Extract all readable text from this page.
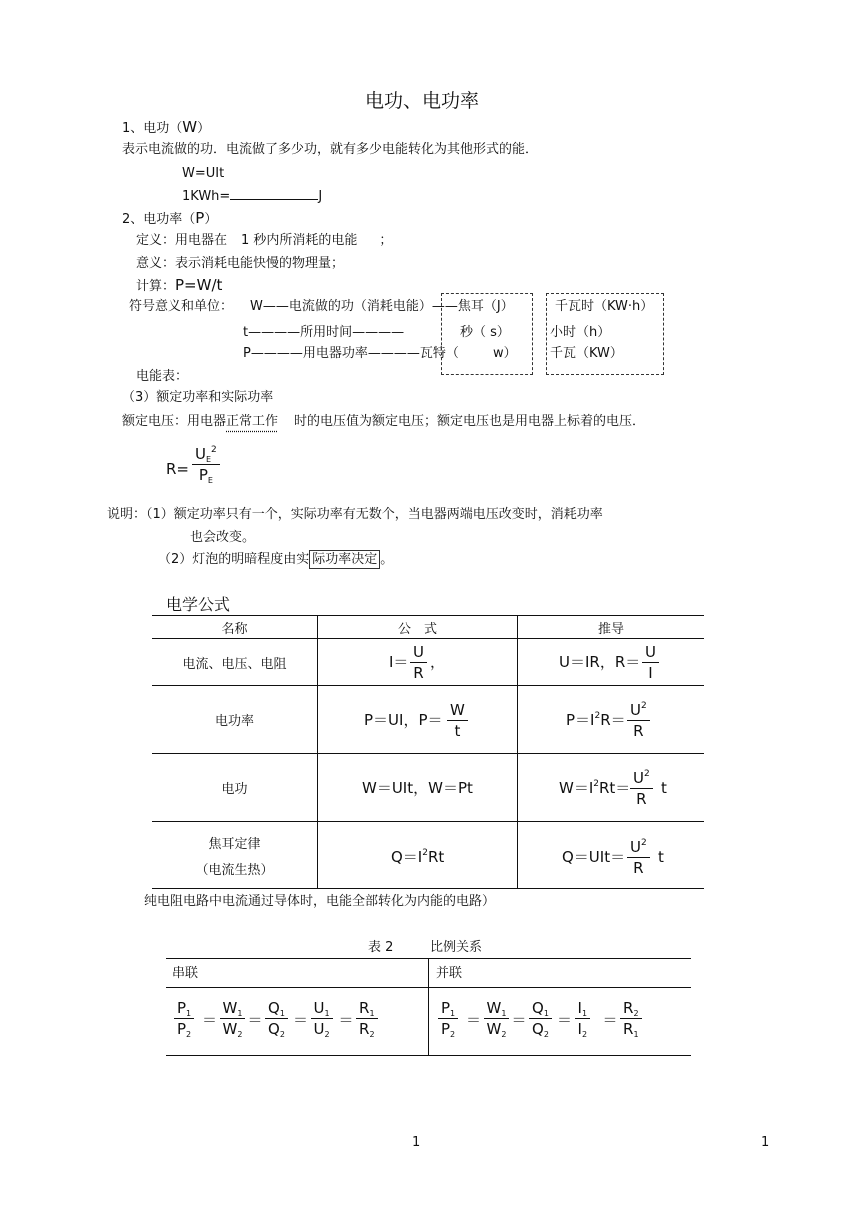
电功、电功率
1、电功（W）
表示电流做的功．电流做了多少功，就有多少电能转化为其他形式的能．
W=UIt
1KWh=	J
2、电功率（P）
定义：用电器在 1 秒内所消耗的电能 ；
意义：表示消耗电能快慢的物理量；
计算：P=W/t
符号意义和单位： W——电流做的功（消耗电能）——焦耳（J）	千瓦时（KW·h）
t————所用时间————	秒（ s）	小时（h）
P————用电器功率————瓦特（	w）	千瓦（KW）
电能表：
（3）额定功率和实际功率
额定电压：用电器正常工作 时的电压值为额定电压；额定电压也是用电器上标着的电压．
$R= \frac{U_E^2}{P_E}$
说明：（1）额定功率只有一个，实际功率有无数个，当电器两端电压改变时，消耗功率
也会改变。
（2）灯泡的明暗程度由实 际功率决定 。
电学公式
名称	公　式	推导
电流、电压、电阻	$I= \frac{U}{R}$ ，	U＝IR，$R= \frac{U}{I}$
电功率	P＝UI，$P= \frac{W}{t}$	$P=I^2R= \frac{U^2}{R}$
电功	W＝UIt，W＝Pt	$W=I^2Rt= \frac{U^2}{R}$ t
焦耳定律
（电流生热）
$Q=I^2Rt$	$Q=UIt= \frac{U^2}{R}$ t
纯电阻电路中电流通过导体时，电能全部转化为内能的电路）
表 2	比例关系
串联	并联
$\frac{P_1}{P_2} = \frac{W_1}{W_2} = \frac{Q_1}{Q_2} = \frac{U_1}{U_2} = \frac{R_1}{R_2}$	$\frac{P_1}{P_2} = \frac{W_1}{W_2} = \frac{Q_1}{Q_2} = \frac{I_1}{I_2} = \frac{R_2}{R_1}$
1	1
